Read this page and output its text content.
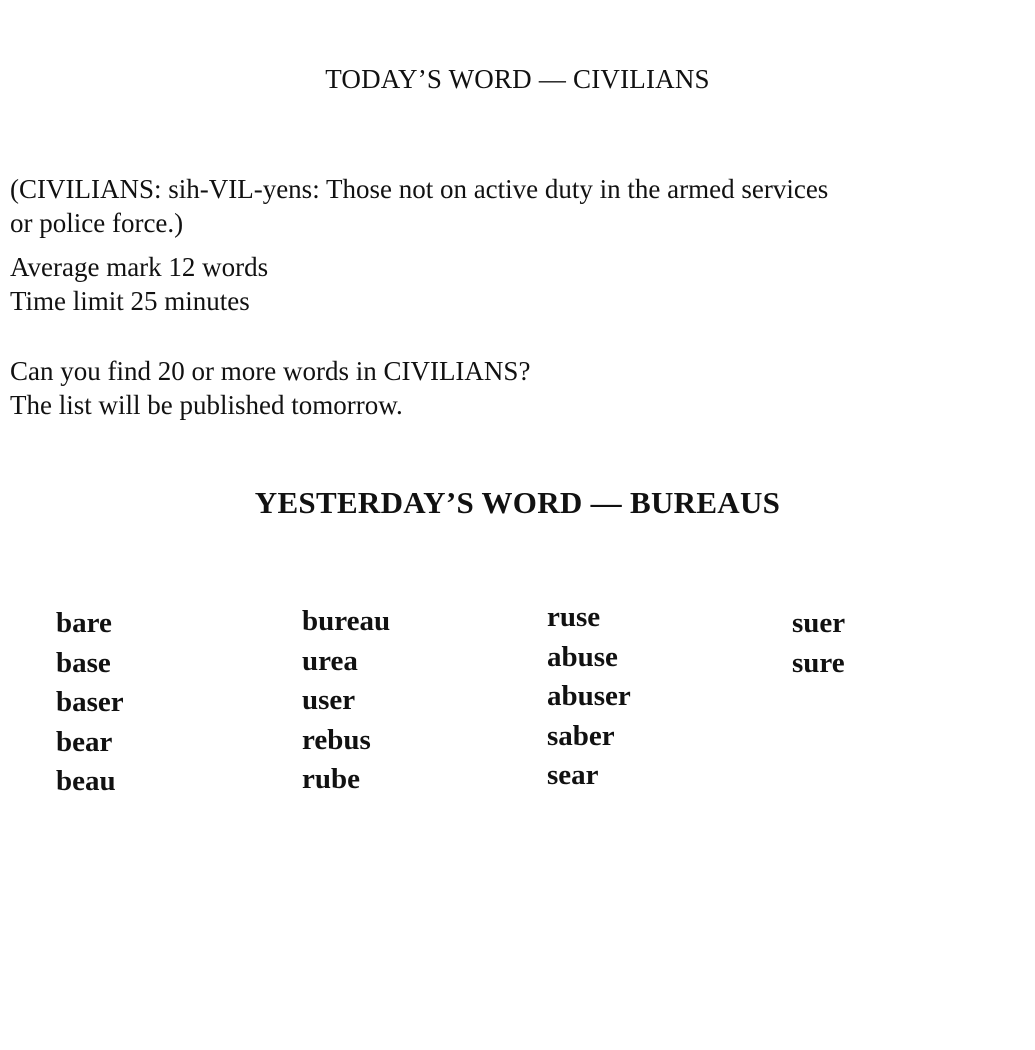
TODAY’S WORD — CIVILIANS
(CIVILIANS: sih-VIL-yens: Those not on active duty in the armed services
or police force.)
Average mark 12 words
Time limit 25 minutes
Can you find 20 or more words in CIVILIANS?
The list will be published tomorrow.
YESTERDAY’S WORD — BUREAUS
bare
base
baser
bear
beau
bureau
urea
user
rebus
rube
ruse
abuse
abuser
saber
sear
suer
sure
